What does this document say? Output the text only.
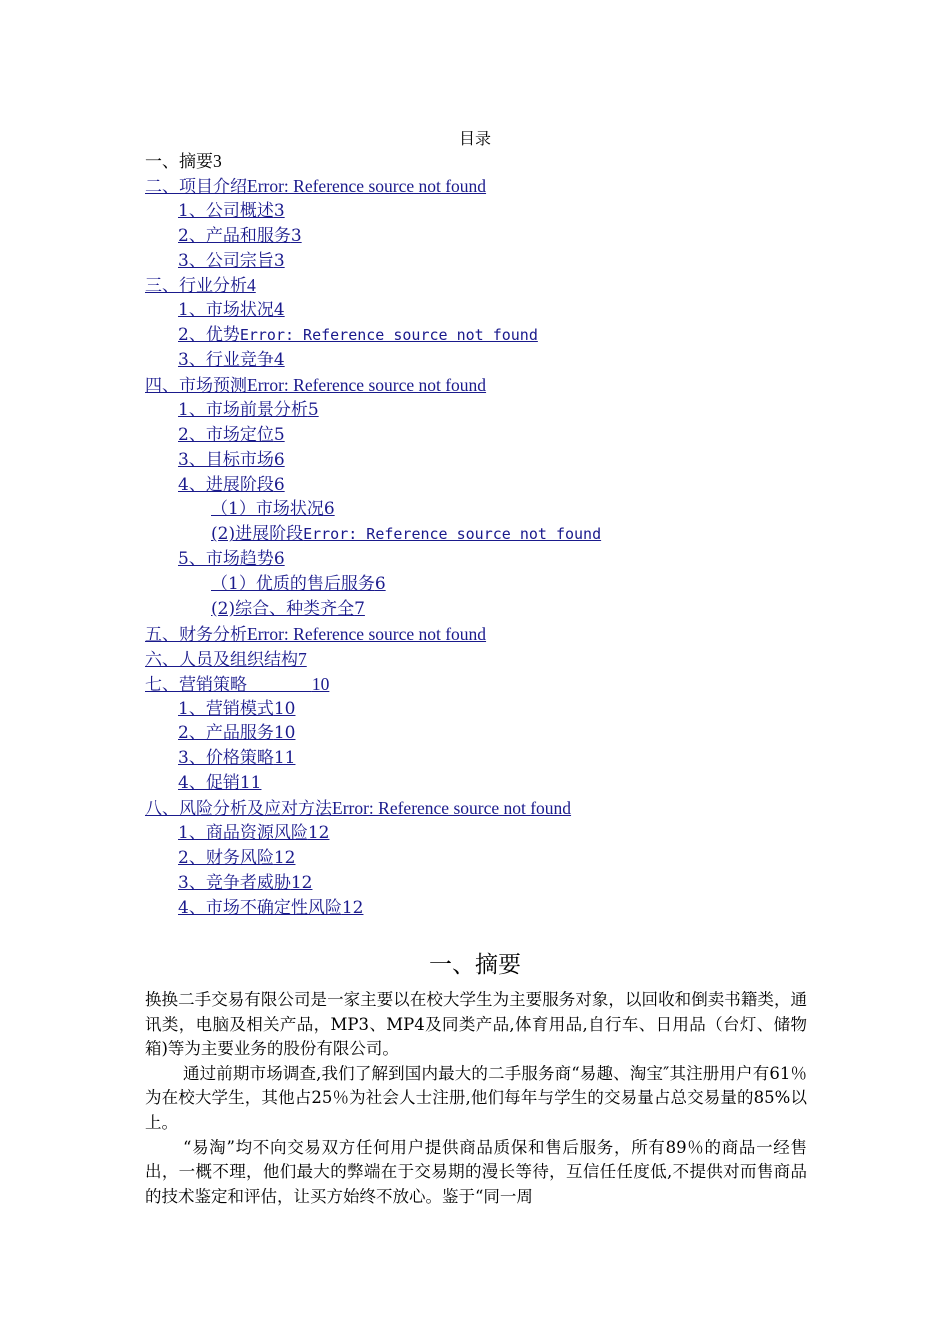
目录
一、摘要3
二、项目介绍Error: Reference source not found
1、公司概述3
2、产品和服务3
3、公司宗旨3
三、行业分析4
1、市场状况4
2、优势Error: Reference source not found
3、行业竞争4
四、市场预测Error: Reference source not found
1、市场前景分析5
2、市场定位5
3、目标市场6
4、进展阶段6
（1）市场状况6
(2)进展阶段Error: Reference source not found
5、市场趋势6
（1）优质的售后服务6
(2)综合、种类齐全7
五、财务分析Error: Reference source not found
六、人员及组织结构7
七、营销策略	10
1、营销模式10
2、产品服务10
3、价格策略11
4、促销11
八、风险分析及应对方法Error: Reference source not found
1、商品资源风险12
2、财务风险12
3、竞争者威胁12
4、市场不确定性风险12
一、摘要

换换二手交易有限公司是一家主要以在校大学生为主要服务对象，以回收和倒卖书籍类，通讯类，电脑及相关产品，MP3、MP4及同类产品,体育用品,自行车、日用品（台灯、储物箱)等为主要业务的股份有限公司。

通过前期市场调查,我们了解到国内最大的二手服务商“易趣、淘宝″其注册用户有61％为在校大学生，其他占25％为社会人士注册,他们每年与学生的交易量占总交易量的85%以上。

“易淘”均不向交易双方任何用户提供商品质保和售后服务，所有89％的商品一经售出，一概不理，他们最大的弊端在于交易期的漫长等待，互信任任度低,不提供对而售商品的技术鉴定和评估，让买方始终不放心。鉴于“同一周
